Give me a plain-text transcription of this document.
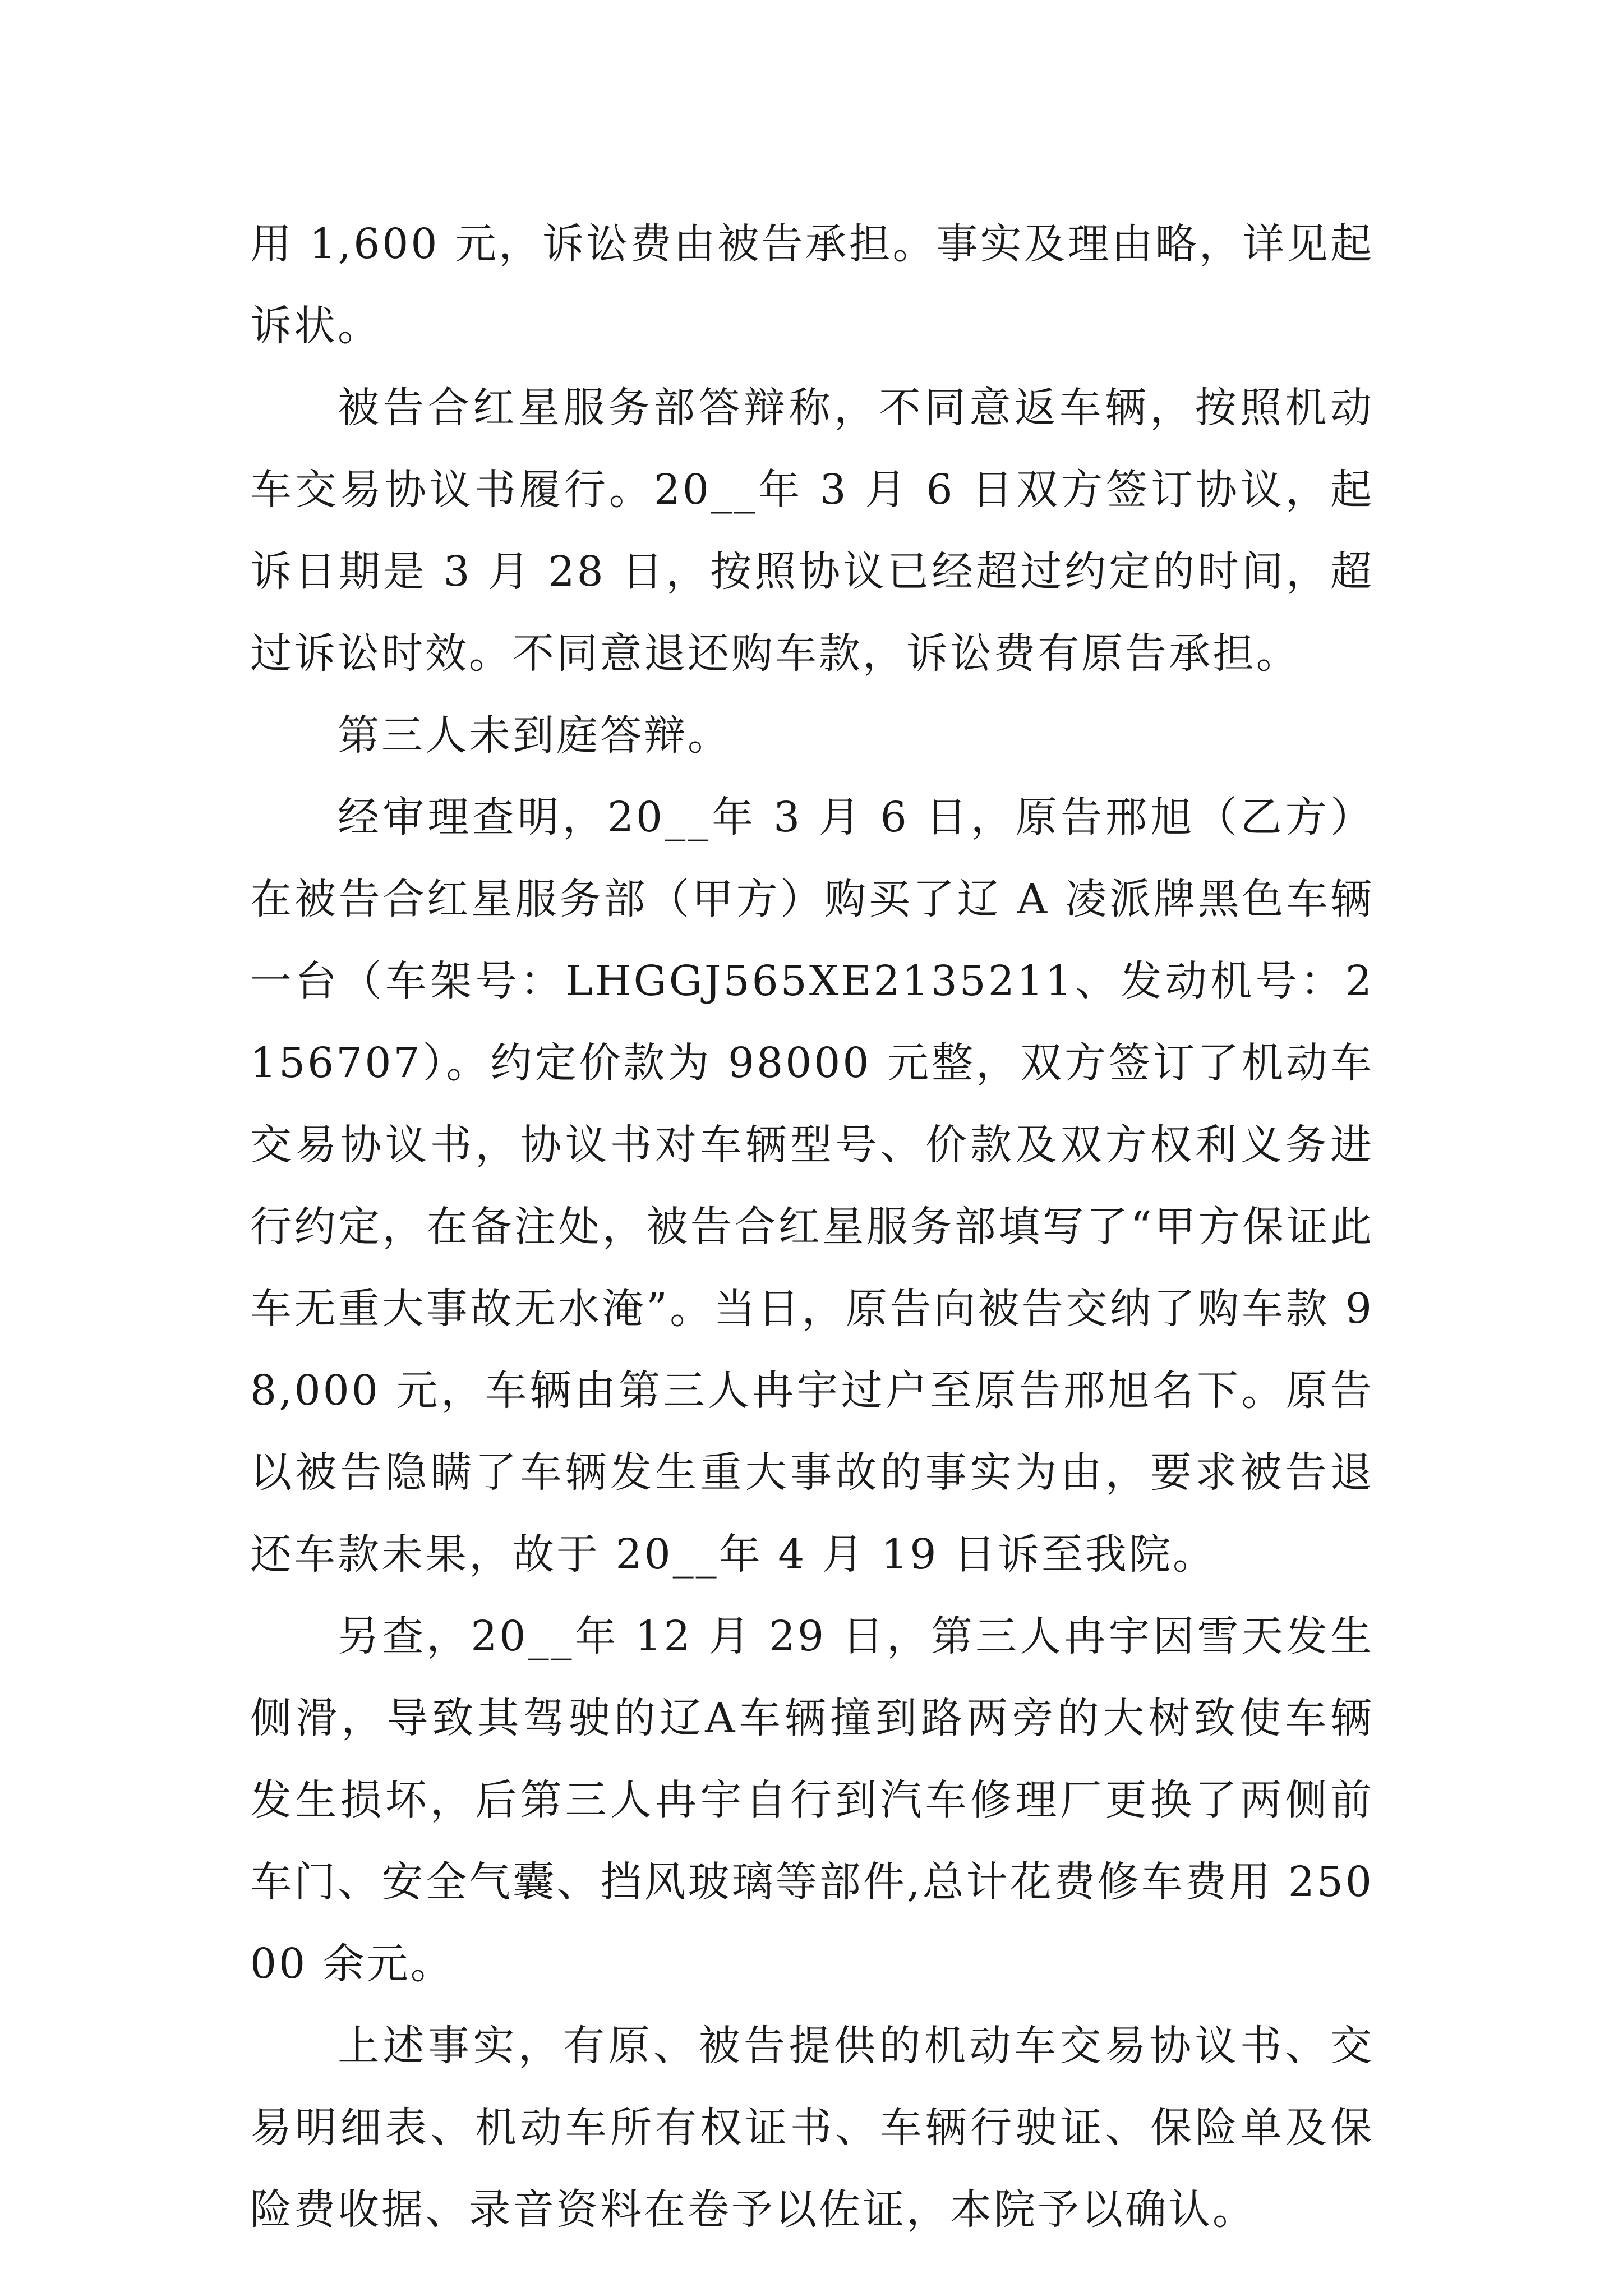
用 1,600 元，诉讼费由被告承担。事实及理由略，详见起诉状。

被告合红星服务部答辩称，不同意返车辆，按照机动车交易协议书履行。20__年 3 月 6 日双方签订协议，起诉日期是 3 月 28 日，按照协议已经超过约定的时间，超过诉讼时效。不同意退还购车款，诉讼费有原告承担。

第三人未到庭答辩。

经审理查明，20__年 3 月 6 日，原告邢旭（乙方）在被告合红星服务部（甲方）购买了辽 A 凌派牌黑色车辆一台（车架号：LHGGJ565XE2135211、发动机号：2156707）。约定价款为 98000 元整，双方签订了机动车交易协议书，协议书对车辆型号、价款及双方权利义务进行约定，在备注处，被告合红星服务部填写了“甲方保证此车无重大事故无水淹”。当日，原告向被告交纳了购车款 98,000 元，车辆由第三人冉宇过户至原告邢旭名下。原告以被告隐瞒了车辆发生重大事故的事实为由，要求被告退还车款未果，故于 20__年 4 月 19 日诉至我院。

另查，20__年 12 月 29 日，第三人冉宇因雪天发生侧滑，导致其驾驶的辽A车辆撞到路两旁的大树致使车辆发生损坏，后第三人冉宇自行到汽车修理厂更换了两侧前车门、安全气囊、挡风玻璃等部件,总计花费修车费用 25000 余元。

上述事实，有原、被告提供的机动车交易协议书、交易明细表、机动车所有权证书、车辆行驶证、保险单及保险费收据、录音资料在卷予以佐证，本院予以确认。
